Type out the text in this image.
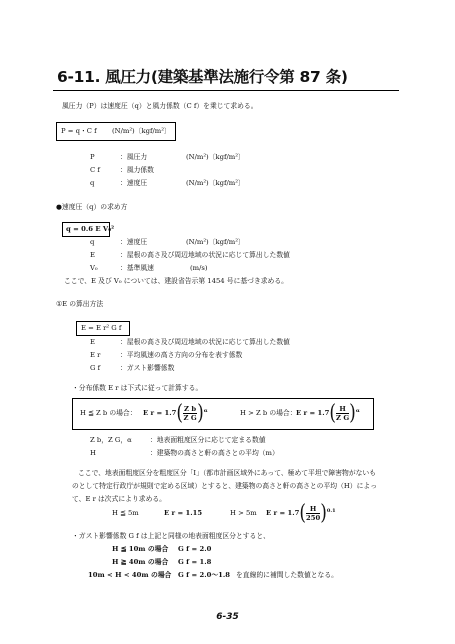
6-11. 風圧力(建築基準法施行令第 87 条)
風圧力（P）は速度圧（q）と風力係数（C f）を乗じて求める。
P = q・C f (N/m²)〔kgf/m²〕
P	：風圧力	(N/m²)〔kgf/m²〕
C f	：風力係数
q	：速度圧	(N/m²)〔kgf/m²〕
●速度圧（q）の求め方
q = 0.6 E V₀²
q	：速度圧	(N/m²)〔kgf/m²〕
E	：屋根の高さ及び周辺地域の状況に応じて算出した数値
V₀	：基準風速	(m/s)
ここで、E 及び V₀ については、建設省告示第 1454 号に基づき求める。
①E の算出方法
E = E r² G f
E	：屋根の高さ及び周辺地域の状況に応じて算出した数値
E r	：平均風速の高さ方向の分布を表す係数
G f	：ガスト影響係数
・分布係数 E r は下式に従って計算する。
H ≦ Z b の場合： E r = 1.7 ( $\frac{\text{Z b}}{\text{Z G}}$ ) α	H > Z b の場合： E r = 1.7 ( $\frac{H}{\text{Z G}}$ ) α
Z b，Z G，α	：地表面粗度区分に応じて定まる数値
H	：建築物の高さと軒の高さとの平均（m）
ここで、地表面粗度区分を粗度区分「Ⅰ」（都市計画区域外にあって、極めて平坦で障害物がないも
のとして特定行政庁が規則で定める区域）とすると、建築物の高さと軒の高さとの平均（H）によっ
て、E r は次式により求める。
H ≦ 5m	E r = 1.15	H > 5m E r = 1.7 ( $\frac{H}{250}$ ) 0.1
・ガスト影響係数 G f は上記と同様の地表面粗度区分とすると、
H ≦ 10m の場合 G f = 2.0
H ≧ 40m の場合 G f = 1.8
10m < H < 40m の場合 G f = 2.0～1.8 を直線的に補間した数値となる。
6-35
